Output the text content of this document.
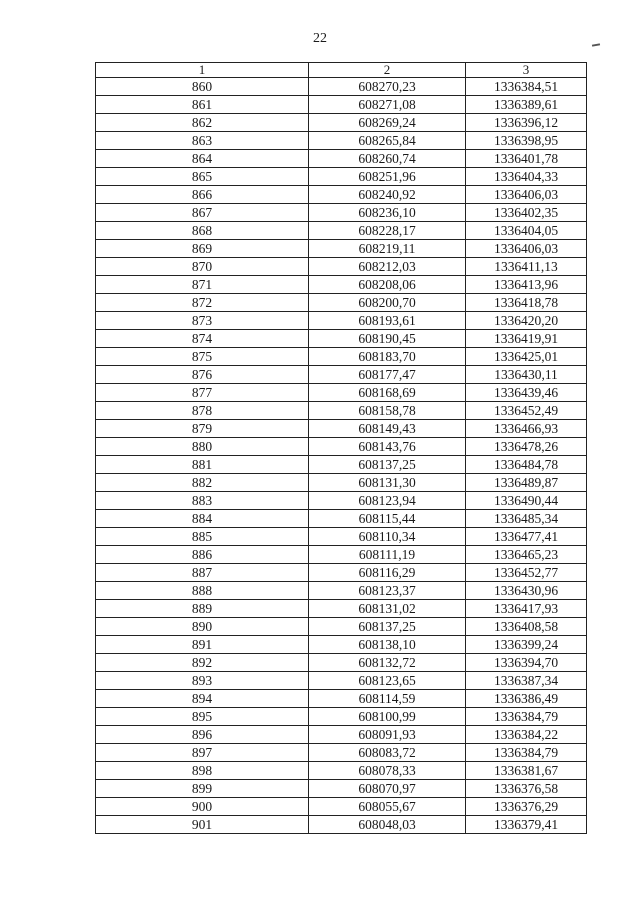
22
1	2	3
860	608270,23	1336384,51
861	608271,08	1336389,61
862	608269,24	1336396,12
863	608265,84	1336398,95
864	608260,74	1336401,78
865	608251,96	1336404,33
866	608240,92	1336406,03
867	608236,10	1336402,35
868	608228,17	1336404,05
869	608219,11	1336406,03
870	608212,03	1336411,13
871	608208,06	1336413,96
872	608200,70	1336418,78
873	608193,61	1336420,20
874	608190,45	1336419,91
875	608183,70	1336425,01
876	608177,47	1336430,11
877	608168,69	1336439,46
878	608158,78	1336452,49
879	608149,43	1336466,93
880	608143,76	1336478,26
881	608137,25	1336484,78
882	608131,30	1336489,87
883	608123,94	1336490,44
884	608115,44	1336485,34
885	608110,34	1336477,41
886	608111,19	1336465,23
887	608116,29	1336452,77
888	608123,37	1336430,96
889	608131,02	1336417,93
890	608137,25	1336408,58
891	608138,10	1336399,24
892	608132,72	1336394,70
893	608123,65	1336387,34
894	608114,59	1336386,49
895	608100,99	1336384,79
896	608091,93	1336384,22
897	608083,72	1336384,79
898	608078,33	1336381,67
899	608070,97	1336376,58
900	608055,67	1336376,29
901	608048,03	1336379,41
